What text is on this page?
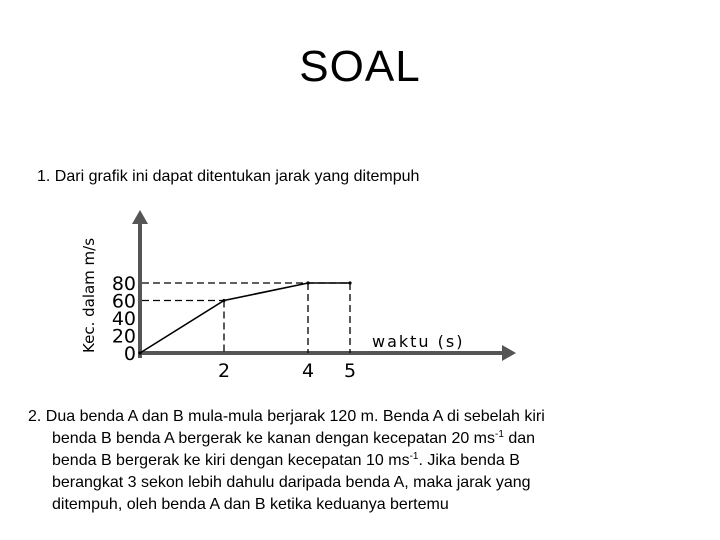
SOAL
1. Dari grafik ini dapat ditentukan jarak yang ditempuh
Kec. dalam m/s	waktu (s)
0
20
40
60
80
2	4 5
2. Dua benda A dan B mula-mula berjarak 120 m. Benda A di sebelah kiri
benda B benda A bergerak ke kanan dengan kecepatan 20 $ms^{-1}$ dan
benda B bergerak ke kiri dengan kecepatan 10 $ms^{-1}$. Jika benda B
berangkat 3 sekon lebih dahulu daripada benda A, maka jarak yang
ditempuh, oleh benda A dan B ketika keduanya bertemu
